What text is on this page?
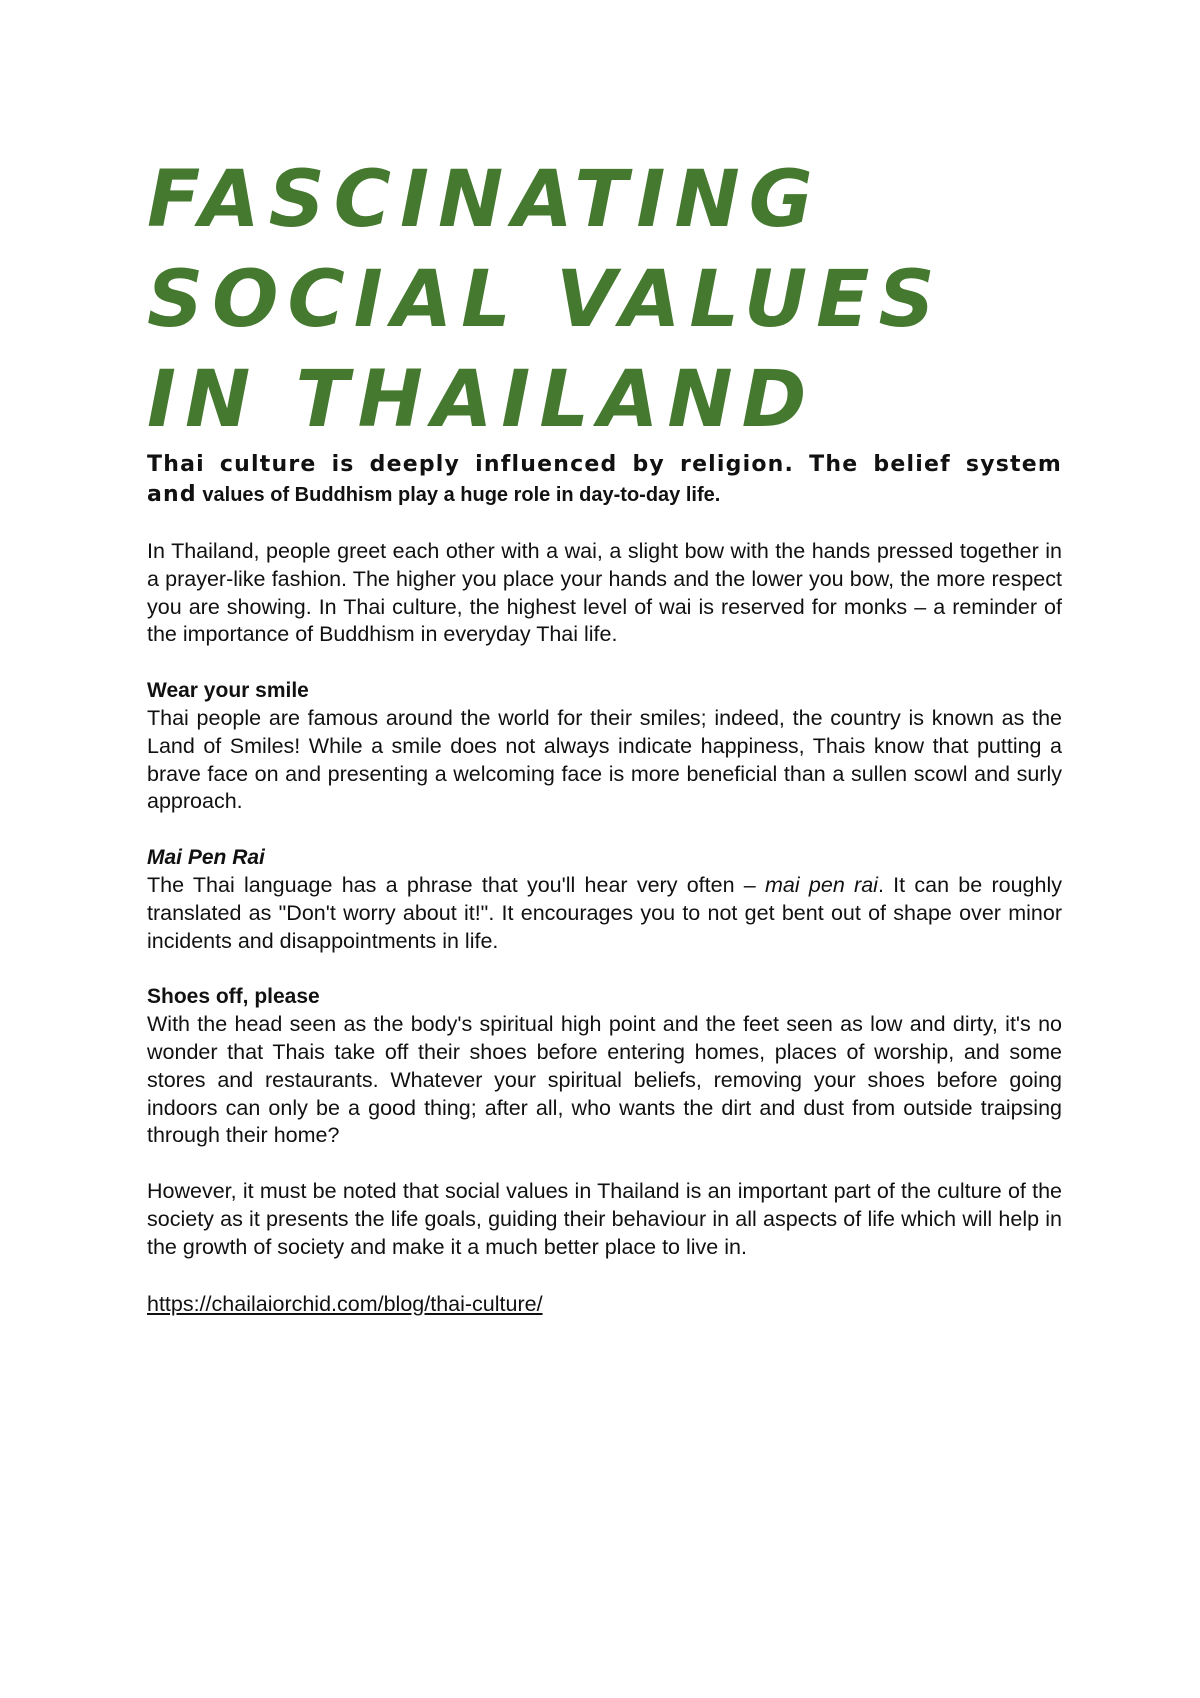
FASCINATING
SOCIAL VALUES
IN THAILAND

Thai culture is deeply influenced by religion. The belief system and values of Buddhism play a huge role in day-to-day life.

In Thailand, people greet each other with a wai, a slight bow with the hands pressed together in a prayer-like fashion. The higher you place your hands and the lower you bow, the more respect you are showing. In Thai culture, the highest level of wai is reserved for monks – a reminder of the importance of Buddhism in everyday Thai life.

Wear your smile
Thai people are famous around the world for their smiles; indeed, the country is known as the Land of Smiles! While a smile does not always indicate happiness, Thais know that putting a brave face on and presenting a welcoming face is more beneficial than a sullen scowl and surly approach.

Mai Pen Rai
The Thai language has a phrase that you'll hear very often – mai pen rai. It can be roughly translated as "Don't worry about it!". It encourages you to not get bent out of shape over minor incidents and disappointments in life.

Shoes off, please
With the head seen as the body's spiritual high point and the feet seen as low and dirty, it's no wonder that Thais take off their shoes before entering homes, places of worship, and some stores and restaurants. Whatever your spiritual beliefs, removing your shoes before going indoors can only be a good thing; after all, who wants the dirt and dust from outside traipsing through their home?

However, it must be noted that social values in Thailand is an important part of the culture of the society as it presents the life goals, guiding their behaviour in all aspects of life which will help in the growth of society and make it a much better place to live in.

https://chailaiorchid.com/blog/thai-culture/
